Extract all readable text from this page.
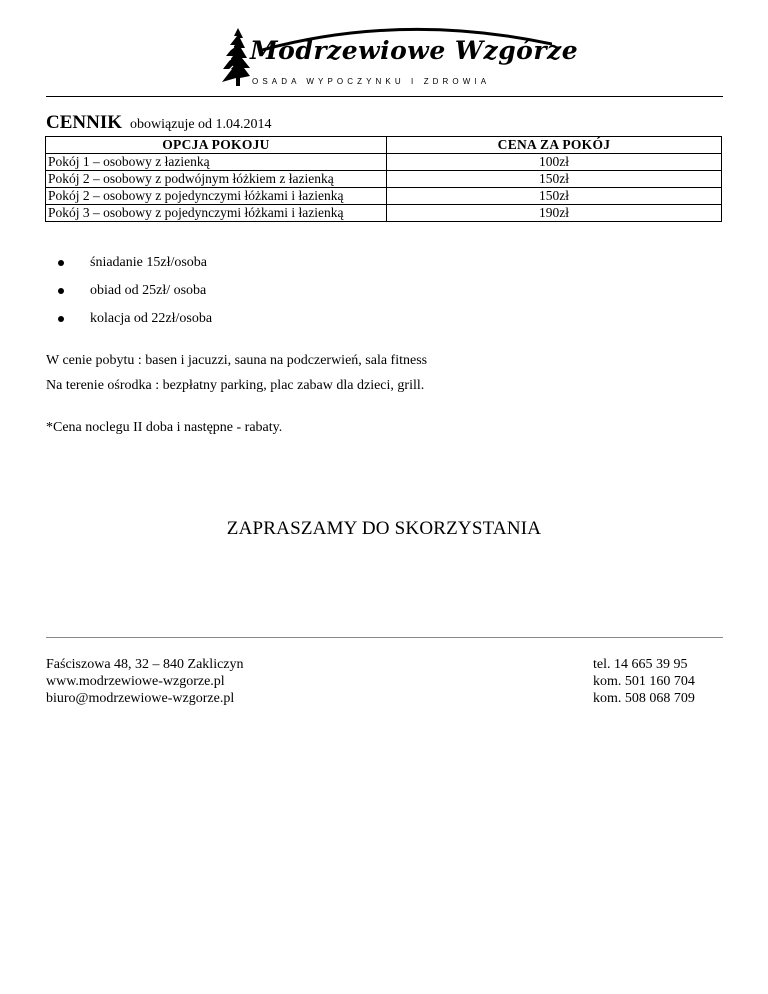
Modrzewiowe Wzgórze
OSADA WYPOCZYNKU I ZDROWIA
CENNIK obowiązuje od 1.04.2014
OPCJA POKOJU	CENA ZA POKÓJ
Pokój 1 – osobowy z łazienką	100zł
Pokój 2 – osobowy z podwójnym łóżkiem z łazienką	150zł
Pokój 2 – osobowy z pojedynczymi łóżkami i łazienką	150zł
Pokój 3 – osobowy z pojedynczymi łóżkami i łazienką	190zł
śniadanie 15zł/osoba
obiad od 25zł/ osoba
kolacja od 22zł/osoba
W cenie pobytu : basen i jacuzzi, sauna na podczerwień, sala fitness
Na terenie ośrodka : bezpłatny parking, plac zabaw dla dzieci, grill.
*Cena noclegu II doba i następne - rabaty.
ZAPRASZAMY DO SKORZYSTANIA
Faściszowa 48, 32 – 840 Zakliczyn
www.modrzewiowe-wzgorze.pl
biuro@modrzewiowe-wzgorze.pl
tel. 14 665 39 95
kom. 501 160 704
kom. 508 068 709
